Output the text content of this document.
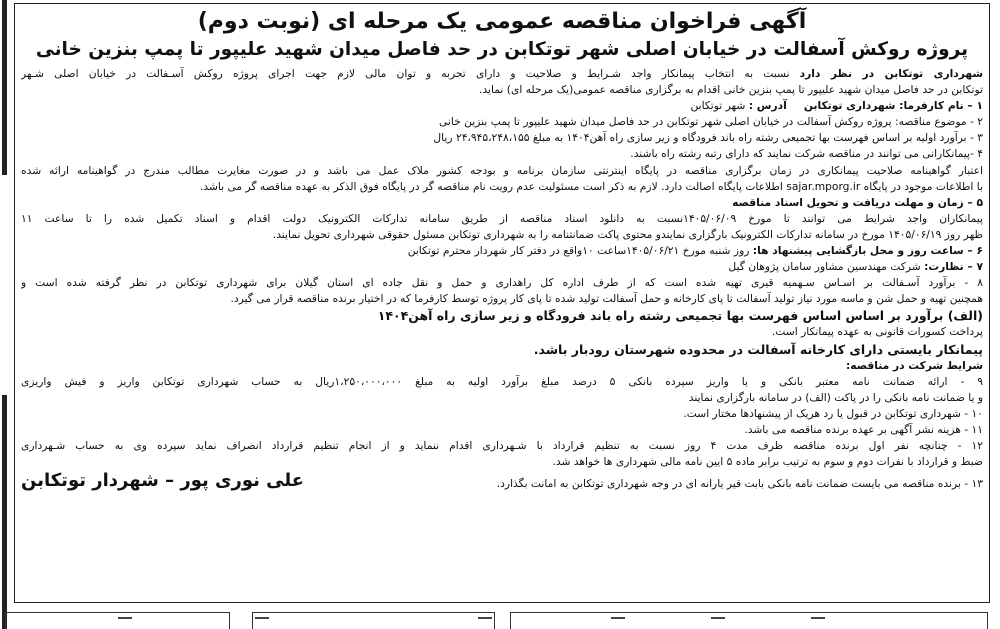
آگهی فراخوان مناقصه عمومی یک مرحله ای (نوبت دوم)
پروژه روکش آسفالت در خیابان اصلی شهر توتکابن در حد فاصل میدان شهید علیپور تا پمپ بنزین خانی
شهرداری توتکابن در نظر دارد نسبت به انتخاب پیمانکار واجد شـرایط و صلاحیت و دارای تجربه و توان مالی لازم جهت اجرای پروژه روکش آسـفالت در خیابان اصلی شـهر
توتکابن در حد فاصل میدان شهید علیپور تا پمپ بنزین خانی اقدام به برگزاری مناقصه عمومی(یک مرحله ای) نماید.
۱ – نام کارفرما: شهرداری توتکابن     آدرس : شهر توتکابن
۲ - موضوع مناقصه: پروژه روکش آسفالت در خیابان اصلی شهر توتکابن در حد فاصل میدان شهید علیپور تا پمپ بنزین خانی
۳ - برآورد اولیه بر اساس فهرست بها تجمیعی رشته راه باند فرودگاه و زیر سازی راه آهن۱۴۰۴ به مبلغ ۲۴،۹۴۵،۲۴۸،۱۵۵ ریال
۴ -پیمانکارانی می توانند در مناقصه شرکت نمایند که دارای رتبه رشته راه باشند.
اعتبار گواهینامه صلاحیت پیمانکاری در زمان برگزاری مناقصه در پایگاه اینترنتی سازمان برنامه و بودجه کشور ملاک عمل می باشد و در صورت مغایرت مطالب مندرج در گواهینامه ارائه شده
با اطلاعات موجود در پایگاه sajar.mporg.ir اطلاعات پایگاه اصالت دارد. لازم به ذکر است مسئولیت عدم رویت نام مناقصه گر در پایگاه فوق الذکر به عهده مناقصه گر می باشد.
۵ – زمان و مهلت دریافت و تحویل اسناد مناقصه
پیمانکاران واجد شرایط می توانند تا مورخ ۱۴۰۵/۰۶/۰۹نسبت به دانلود اسناد مناقصه از طریق سامانه تدارکات الکترونیک دولت اقدام و اسناد تکمیل شده را تا ساعت ۱۱
ظهر روز ۱۴۰۵/۰۶/۱۹ مورخ در سامانه تدارکات الکترونیک بارگزاری نمایندو محتوی پاکت ضمانتنامه را به شهرداری توتکابن مسئول حقوقی شهرداری تحویل نمایند.
۶ – ساعت روز و محل بازگشایی پیشنهاد ها: روز شنبه مورخ ۱۴۰۵/۰۶/۲۱ساعت ۱۰واقع در دفتر کار شهردار محترم توتکابن
۷ – نظارت: شرکت مهندسین مشاور سامان پژوهان گیل
۸ - برآورد آسـفالت بر اسـاس سـهمیه قیری تهیه شده است که از طرف اداره کل راهداری و حمل و نقل جاده ای استان گیلان برای شهرداری توتکابن در نظر گرفته شده است و
همچنین تهیه و حمل شن و ماسه مورد نیاز تولید آسفالت تا پای کارخانه و حمل آسفالت تولید شده تا پای کار پروژه توسط کارفرما که در اختیار برنده مناقصه قرار می گیرد.
(الف) برآورد بر اساس اساس فهرست بها تجمیعی رشته راه باند فرودگاه و زیر سازی راه آهن۱۴۰۴
پرداخت کسورات قانونی به عهده پیمانکار است.
پیمانکار بایستی دارای کارخانه آسفالت در محدوده شهرستان رودبار باشد.
شرایط شرکت در مناقصه:
۹ - ارائه ضمانت نامه معتبر بانکی و یا واریز سپرده بانکی ۵ درصد مبلغ برآورد اولیه به مبلغ ۱،۲۵۰،۰۰۰،۰۰۰ریال به حساب شهرداری توتکابن واریز و فیش واریزی
و یا ضمانت نامه بانکی را در پاکت (الف) در سامانه بارگزاری نمایند
۱۰ - شهرداری توتکابن در قبول یا رد هریک از پیشنهادها مختار است.
۱۱ - هزینه نشر آگهی بر عهده برنده مناقصه می باشد.
۱۲ - چنانچه نفر اول برنده مناقصه ظرف مدت ۴ روز نسبت به تنظیم قرارداد با شـهرداری اقدام ننماید و از انجام تنظیم قرارداد انصراف نماید سپرده وی به حساب شـهرداری
ضبط و قرارداد با نفرات دوم و سوم به ترتیب برابر ماده ۵ ایین نامه مالی شهرداری ها خواهد شد.
۱۳ - برنده مناقصه می بایست ضمانت نامه بانکی بابت قیر یارانه ای در وجه شهرداری توتکابن به امانت بگذارد.
علی نوری پور – شهردار توتکابن
